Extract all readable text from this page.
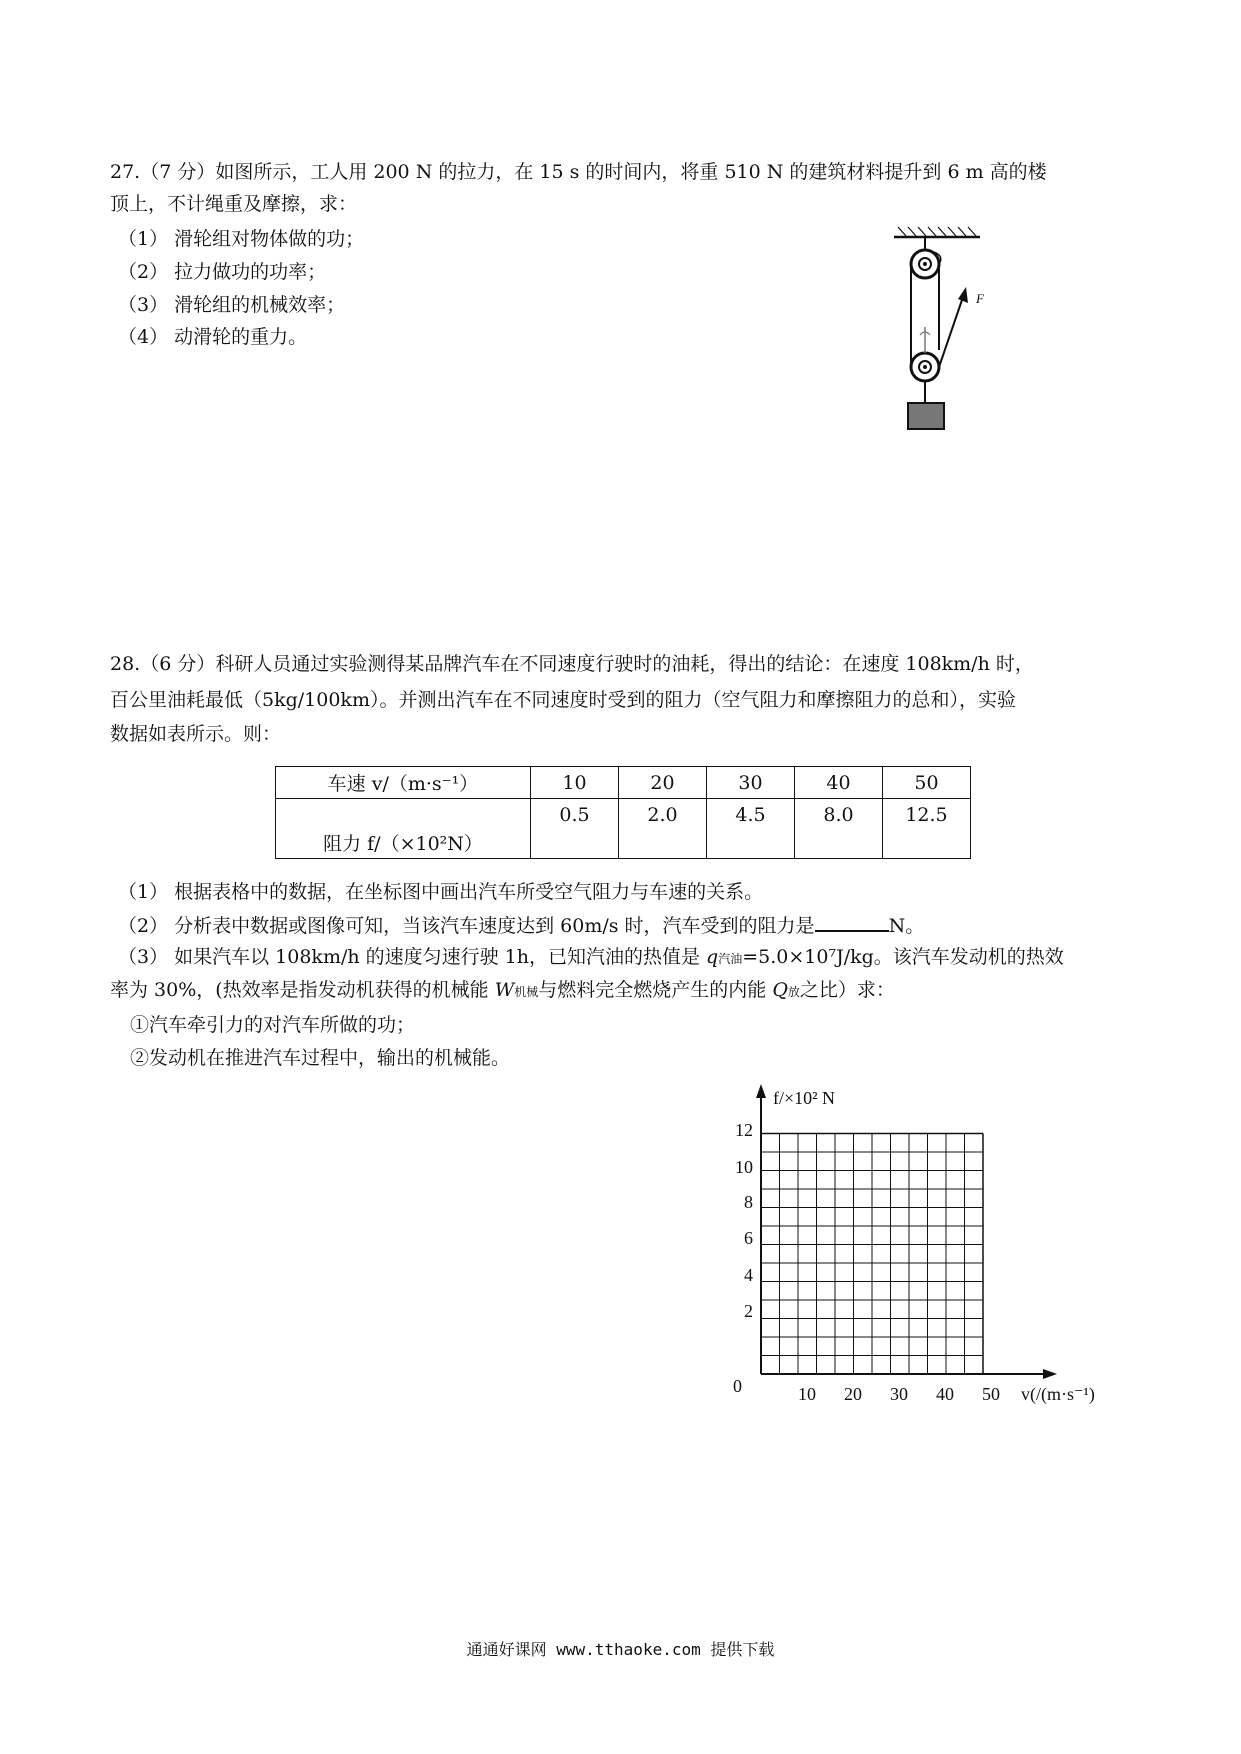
27.（7 分）如图所示，工人用 200 N 的拉力，在 15 s 的时间内，将重 510 N 的建筑材料提升到 6 m 高的楼
顶上，不计绳重及摩擦，求：
（1） 滑轮组对物体做的功；
（2） 拉力做功的功率；
（3） 滑轮组的机械效率；
（4） 动滑轮的重力。
F
28.（6 分）科研人员通过实验测得某品牌汽车在不同速度行驶时的油耗，得出的结论：在速度 108km/h 时，
百公里油耗最低（5kg/100km）。并测出汽车在不同速度时受到的阻力（空气阻力和摩擦阻力的总和），实验
数据如表所示。则：
车速 v/（m·s⁻¹）	10	20	30	40	50
阻力 f/（×10²N）	0.5	2.0	4.5	8.0	12.5
（1） 根据表格中的数据，在坐标图中画出汽车所受空气阻力与车速的关系。
（2） 分析表中数据或图像可知，当该汽车速度达到 60m/s 时，汽车受到的阻力是	N。
（3） 如果汽车以 108km/h 的速度匀速行驶 1h，已知汽油的热值是 q汽油=5.0×10⁷J/kg。该汽车发动机的热效
率为 30%，(热效率是指发动机获得的机械能 W机械与燃料完全燃烧产生的内能 Q放之比）求：
①汽车牵引力的对汽车所做的功；
②发动机在推进汽车过程中，输出的机械能。
f/×10² N
v(/(m·s⁻¹)
0
12
10
8
6
4
2
10 20 30 40 50
通通好课网 www.tthaoke.com 提供下载
